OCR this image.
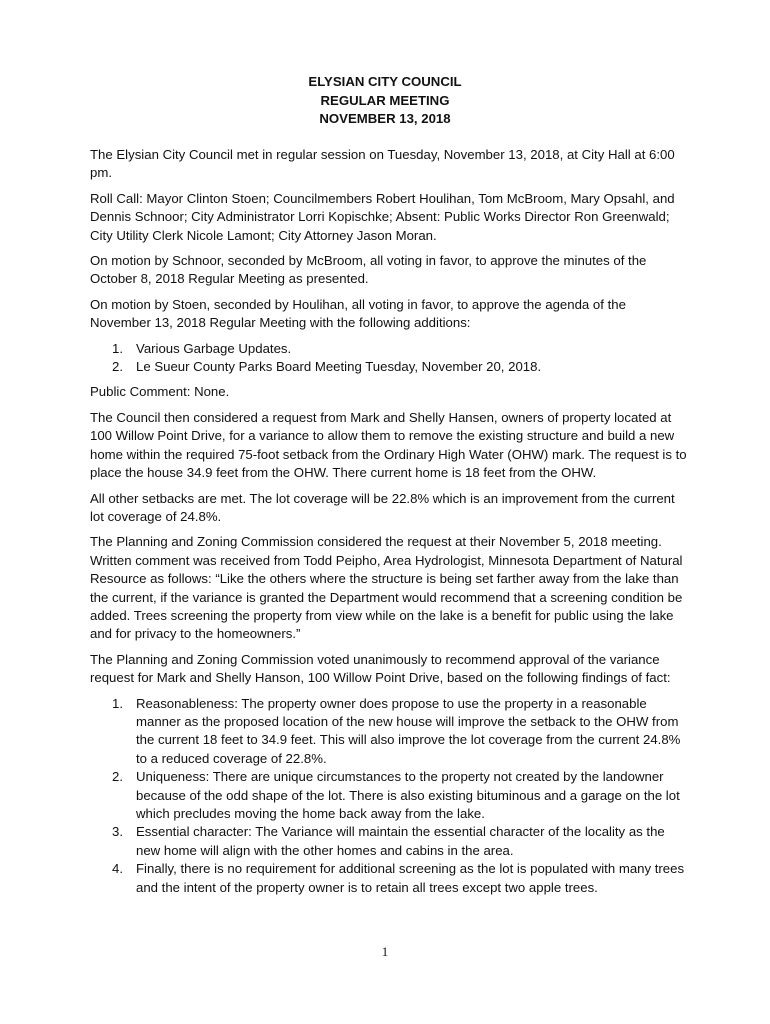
ELYSIAN CITY COUNCIL
REGULAR MEETING
NOVEMBER 13, 2018

The Elysian City Council met in regular session on Tuesday, November 13, 2018, at City Hall at 6:00 pm.

Roll Call: Mayor Clinton Stoen; Councilmembers Robert Houlihan, Tom McBroom, Mary Opsahl, and Dennis Schnoor; City Administrator Lorri Kopischke; Absent: Public Works Director Ron Greenwald; City Utility Clerk Nicole Lamont; City Attorney Jason Moran.

On motion by Schnoor, seconded by McBroom, all voting in favor, to approve the minutes of the October 8, 2018 Regular Meeting as presented.

On motion by Stoen, seconded by Houlihan, all voting in favor, to approve the agenda of the November 13, 2018 Regular Meeting with the following additions:

1. Various Garbage Updates.
2. Le Sueur County Parks Board Meeting Tuesday, November 20, 2018.

Public Comment: None.

The Council then considered a request from Mark and Shelly Hansen, owners of property located at 100 Willow Point Drive, for a variance to allow them to remove the existing structure and build a new home within the required 75-foot setback from the Ordinary High Water (OHW) mark. The request is to place the house 34.9 feet from the OHW. There current home is 18 feet from the OHW.

All other setbacks are met. The lot coverage will be 22.8% which is an improvement from the current lot coverage of 24.8%.

The Planning and Zoning Commission considered the request at their November 5, 2018 meeting. Written comment was received from Todd Peipho, Area Hydrologist, Minnesota Department of Natural Resource as follows: “Like the others where the structure is being set farther away from the lake than the current, if the variance is granted the Department would recommend that a screening condition be added. Trees screening the property from view while on the lake is a benefit for public using the lake and for privacy to the homeowners.”

The Planning and Zoning Commission voted unanimously to recommend approval of the variance request for Mark and Shelly Hanson, 100 Willow Point Drive, based on the following findings of fact:

1. Reasonableness: The property owner does propose to use the property in a reasonable manner as the proposed location of the new house will improve the setback to the OHW from the current 18 feet to 34.9 feet. This will also improve the lot coverage from the current 24.8% to a reduced coverage of 22.8%.
2. Uniqueness: There are unique circumstances to the property not created by the landowner because of the odd shape of the lot. There is also existing bituminous and a garage on the lot which precludes moving the home back away from the lake.
3. Essential character: The Variance will maintain the essential character of the locality as the new home will align with the other homes and cabins in the area.
4. Finally, there is no requirement for additional screening as the lot is populated with many trees and the intent of the property owner is to retain all trees except two apple trees.
1
